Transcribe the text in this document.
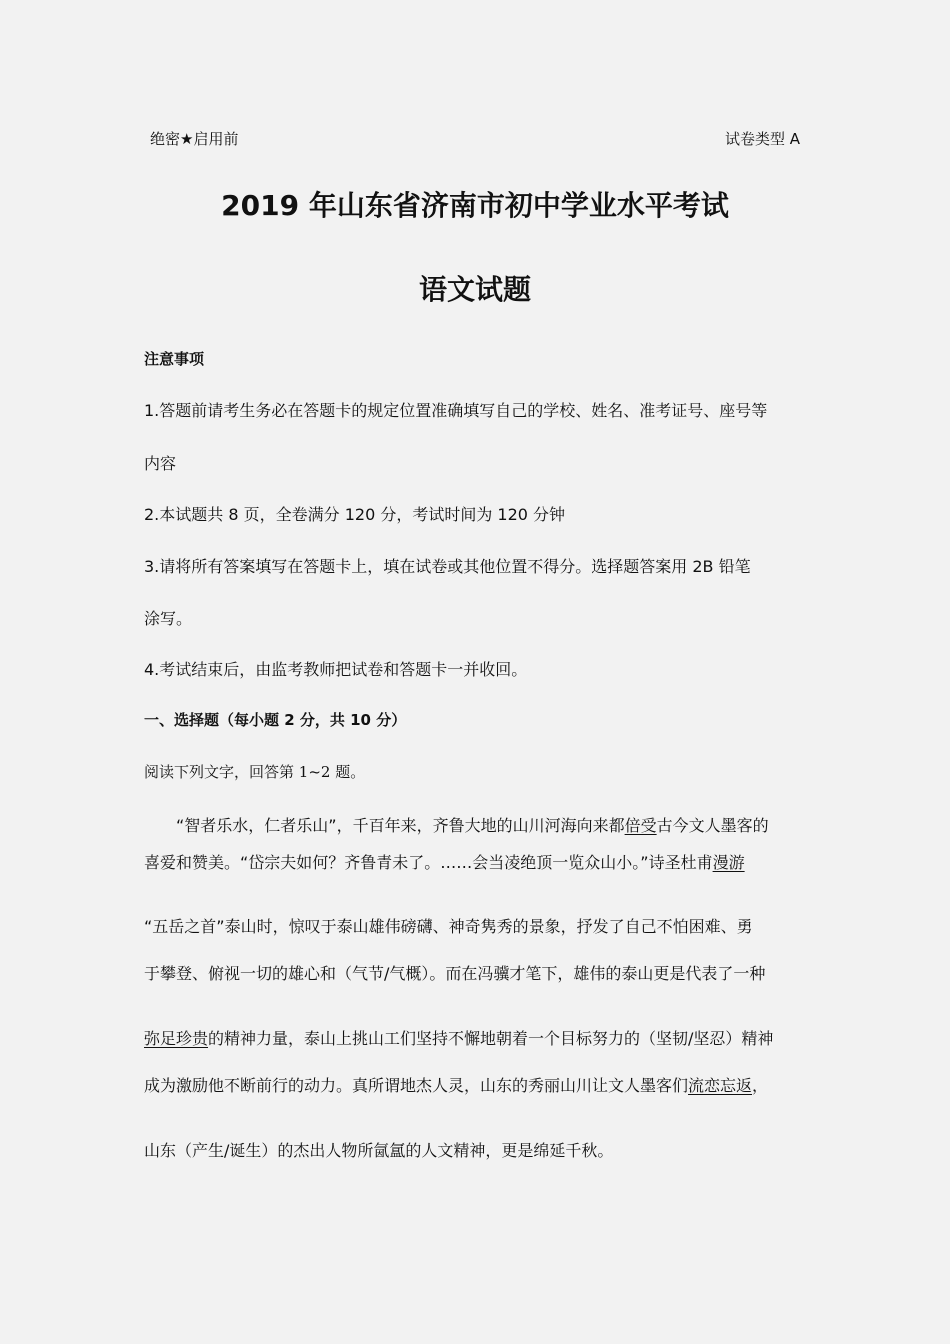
绝密★启用前	试卷类型 A
2019 年山东省济南市初中学业水平考试
语文试题
注意事项
1.答题前请考生务必在答题卡的规定位置准确填写自己的学校、姓名、准考证号、座号等
内容
2.本试题共 8 页，全卷满分 120 分，考试时间为 120 分钟
3.请将所有答案填写在答题卡上，填在试卷或其他位置不得分。选择题答案用 2B 铅笔
涂写。
4.考试结束后，由监考教师把试卷和答题卡一并收回。
一、选择题（每小题 2 分，共 10 分）
阅读下列文字，回答第 1~2 题。
“智者乐水，仁者乐山”，千百年来，齐鲁大地的山川河海向来都倍受古今文人墨客的
喜爱和赞美。“岱宗夫如何？齐鲁青未了。……会当凌绝顶一览众山小。”诗圣杜甫漫游
“五岳之首”泰山时，惊叹于泰山雄伟磅礴、神奇隽秀的景象，抒发了自己不怕困难、勇
于攀登、俯视一切的雄心和（气节/气概）。而在冯骥才笔下，雄伟的泰山更是代表了一种
弥足珍贵的精神力量，泰山上挑山工们坚持不懈地朝着一个目标努力的（坚韧/坚忍）精神
成为激励他不断前行的动力。真所谓地杰人灵，山东的秀丽山川让文人墨客们流恋忘返，
山东（产生/诞生）的杰出人物所氤氲的人文精神，更是绵延千秋。
